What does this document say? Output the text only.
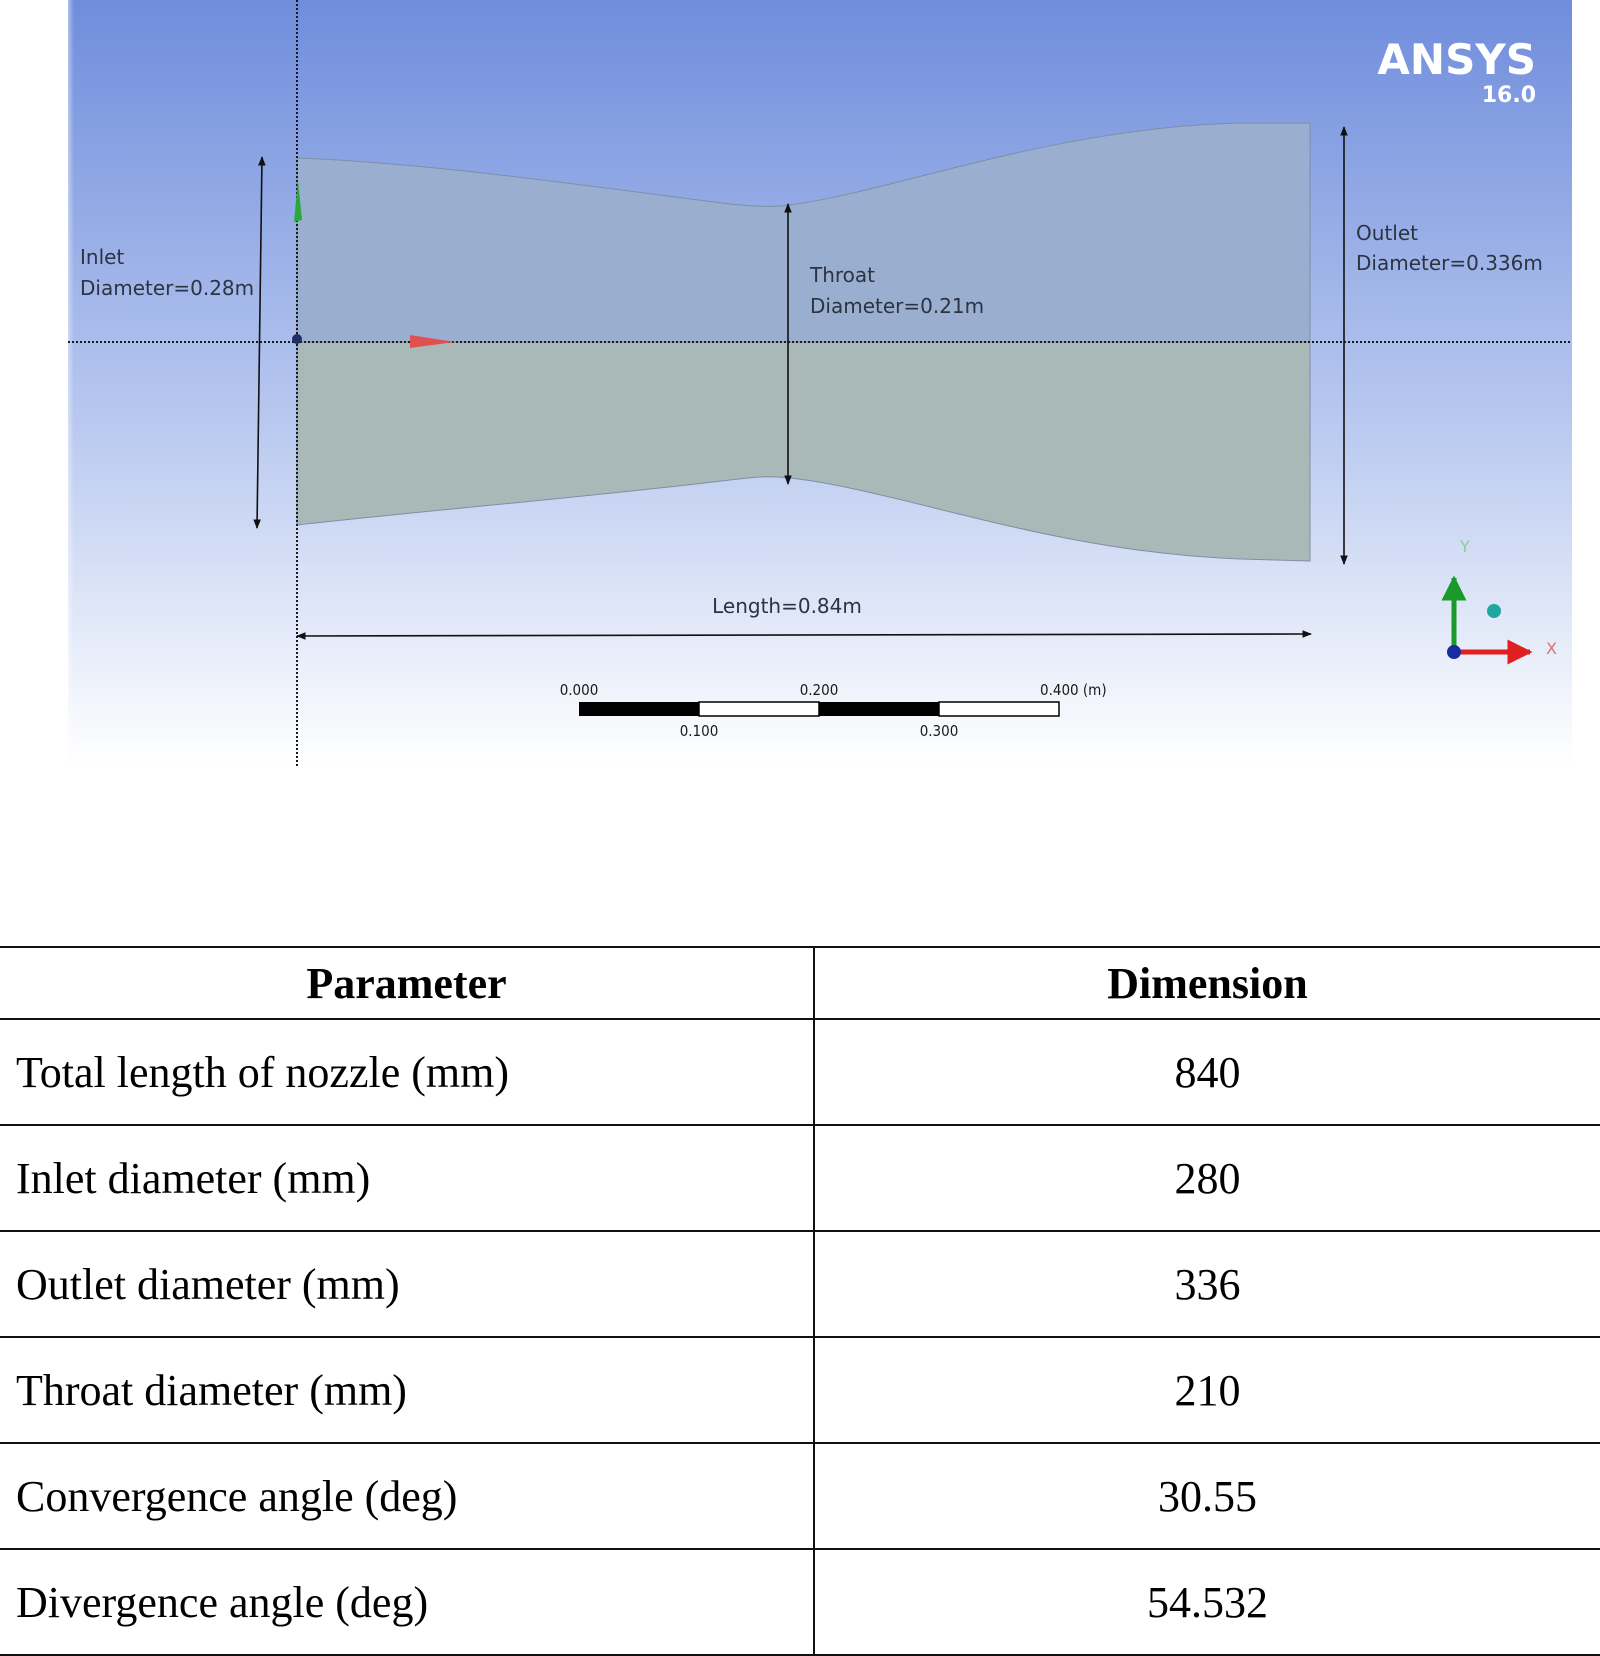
ANSYS
16.0
Inlet
Diameter=0.28m
Throat
Diameter=0.21m
Outlet
Diameter=0.336m
Length=0.84m
0.000	0.200	0.400 (m)
0.100	0.300
Y
X
Parameter	Dimension
Total length of nozzle (mm)	840
Inlet diameter (mm)	280
Outlet diameter (mm)	336
Throat diameter (mm)	210
Convergence angle (deg)	30.55
Divergence angle (deg)	54.532
